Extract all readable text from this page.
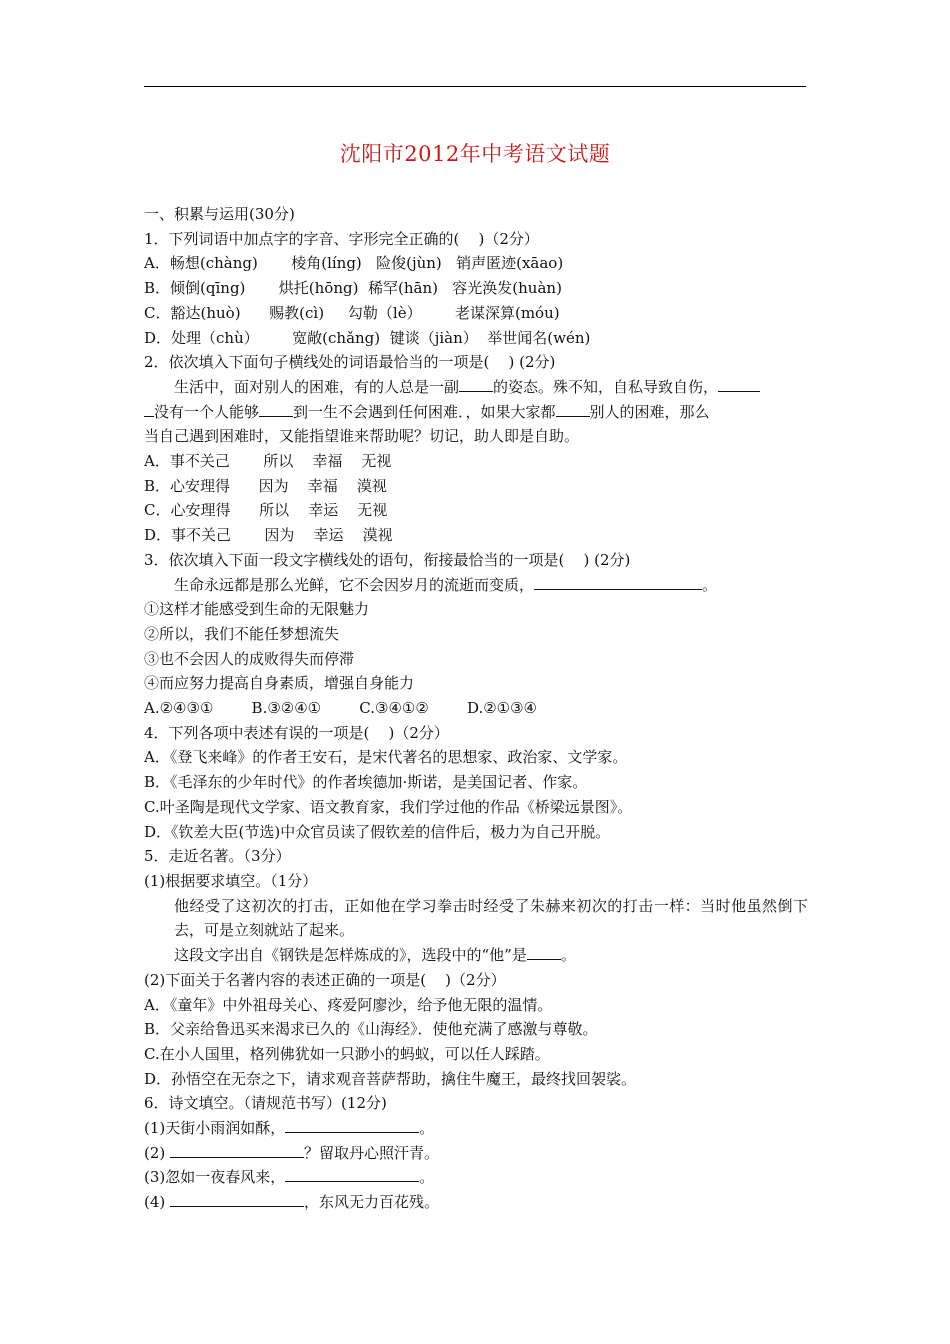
沈阳市2012年中考语文试题

一、积累与运用(30分)

1．下列词语中加点字的字音、字形完全正确的(    )（2分）

A．畅想(chàng) 棱角(líng) 险俊(jùn) 销声匿迹(xāao)

B．倾倒(qīng) 烘托(hōng) 稀罕(hān) 容光涣发(huàn)

C．豁达(huò) 赐教(cì) 勾勒（lè） 老谋深算(móu)

D．处理（chù） 宽敞(chǎng) 键谈（jiàn） 举世闻名(wén)

2．依次填入下面句子横线处的词语最恰当的一项是(    ) (2分)

生活中，面对别人的困难，有的人总是一副 的姿态。殊不知，自私导致自伤，

没有一个人能够 到一生不会遇到任何困难．，如果大家都 别人的困难，那么

当自己遇到困难时，又能指望谁来帮助呢？切记，助人即是自助。

A．事不关己 所以 幸福 无视

B．心安理得 因为 幸福 漠视

C．心安理得 所以 幸运 无视

D．事不关己 因为 幸运 漠视

3．依次填入下面一段文字横线处的语句，衔接最恰当的一项是(    ) (2分)

生命永远都是那么光鲜，它不会因岁月的流逝而变质，	。

①这样才能感受到生命的无限魅力

②所以，我们不能任梦想流失

③也不会因人的成败得失而停滞

④而应努力提高自身素质，增强自身能力

A.②④③①	B.③②④①	C.③④①②	D.②①③④

4．下列各项中表述有误的一项是(    )（2分）

A．《登飞来峰》的作者王安石，是宋代著名的思想家、政治家、文学家。

B．《毛泽东的少年时代》的作者埃德加·斯诺，是美国记者、作家。

C.叶圣陶是现代文学家、语文教育家，我们学过他的作品《桥梁远景图》。

D．《钦差大臣(节选)中众官员读了假钦差的信件后，极力为自己开脱。

5．走近名著。（3分）

(1)根据要求填空。（1分）

他经受了这初次的打击，正如他在学习拳击时经受了朱赫来初次的打击一样：当时他虽然倒下去，可是立刻就站了起来。

这段文字出自《钢铁是怎样炼成的》，选段中的“他”是 。

(2)下面关于名著内容的表述正确的一项是(    )（2分）

A．《童年》中外祖母关心、疼爱阿廖沙，给予他无限的温情。

B．父亲给鲁迅买来渴求已久的《山海经》．使他充满了感激与尊敬。

C.在小人国里，格列佛犹如一只渺小的蚂蚁，可以任人踩踏。

D．孙悟空在无奈之下，请求观音菩萨帮助，擒住牛魔王，最终找回袈裟。

6．诗文填空。（请规范书写）(12分)

(1)天街小雨润如酥，	。

(2)	？留取丹心照汗青。

(3)忽如一夜春风来，	。

(4)	，东风无力百花残。
